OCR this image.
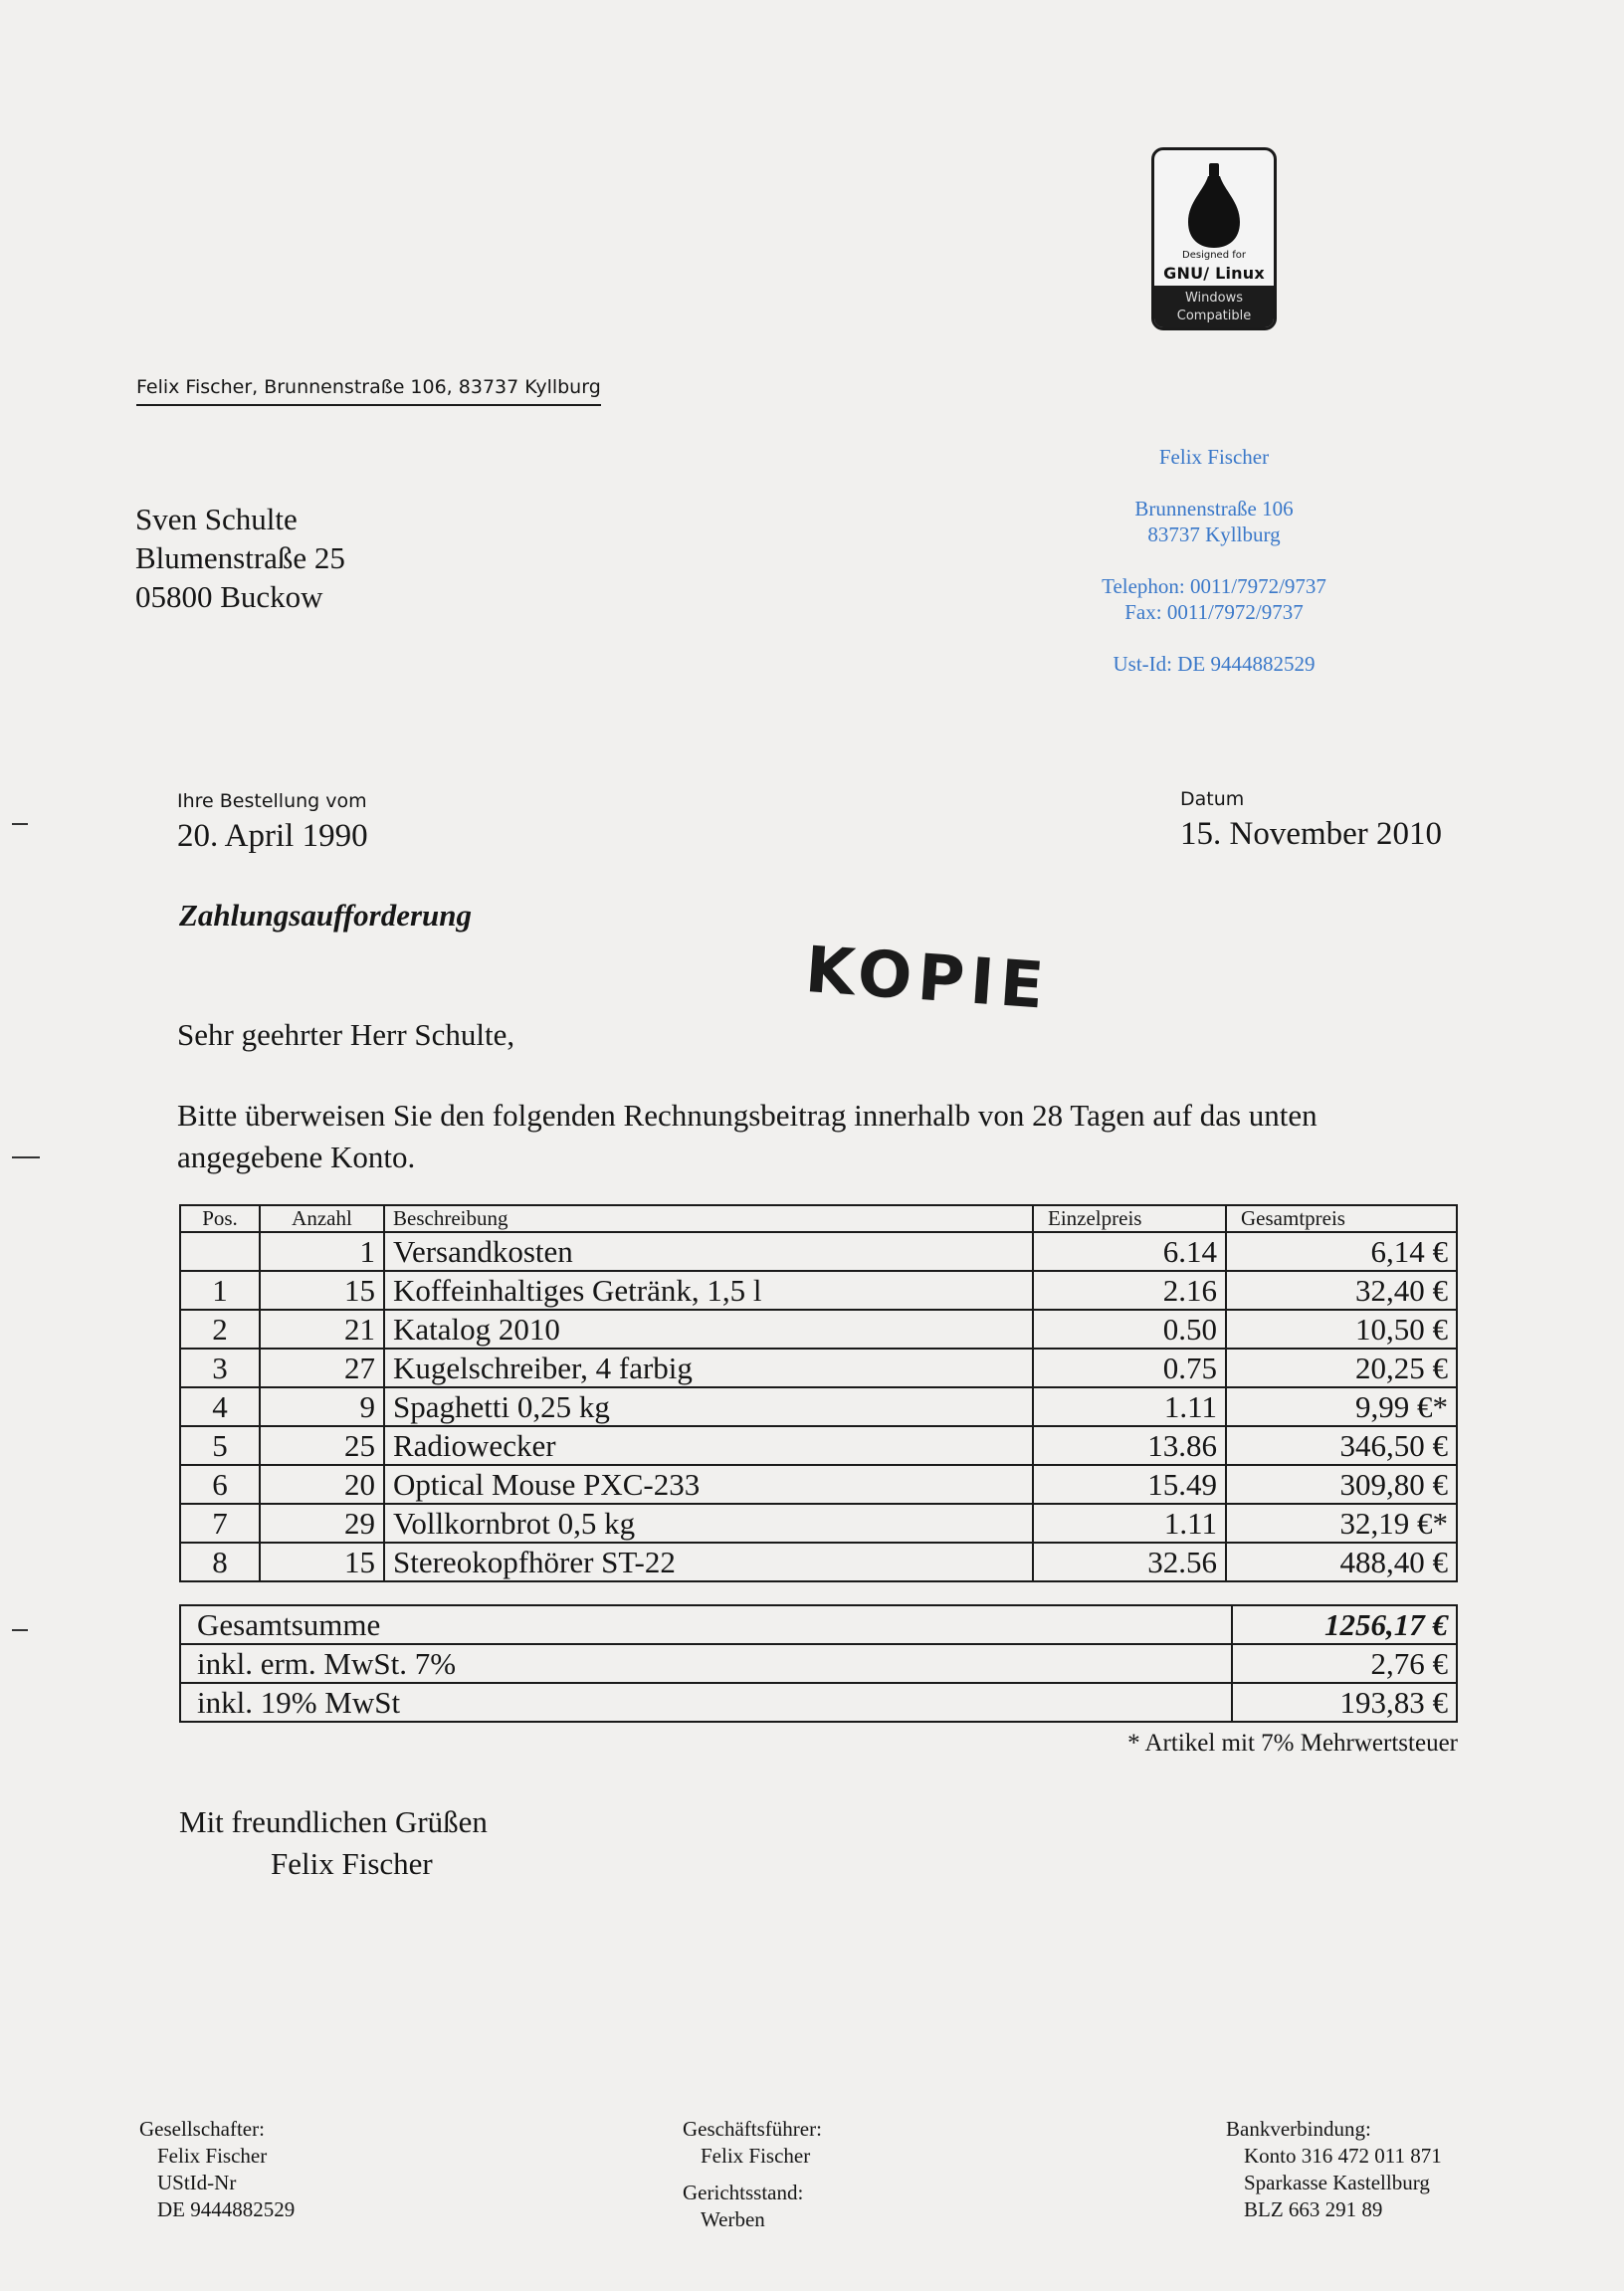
Designed for
GNU/ Linux
Windows
Compatible
Felix Fischer, Brunnenstraße 106, 83737 Kyllburg
Sven Schulte
Blumenstraße 25
05800 Buckow
Felix Fischer
Brunnenstraße 106
83737 Kyllburg
Telephon: 0011/7972/9737
Fax: 0011/7972/9737
Ust-Id: DE 9444882529
Ihre Bestellung vom
20. April 1990
Datum
15. November 2010
Zahlungsaufforderung
KOPIE
Sehr geehrter Herr Schulte,
Bitte überweisen Sie den folgenden Rechnungsbeitrag innerhalb von 28 Tagen auf das unten angegebene Konto.
Pos.	Anzahl	Beschreibung	Einzelpreis	Gesamtpreis
	1	Versandkosten	6.14	6,14 €
1	15	Koffeinhaltiges Getränk, 1,5 l	2.16	32,40 €
2	21	Katalog 2010	0.50	10,50 €
3	27	Kugelschreiber, 4 farbig	0.75	20,25 €
4	9	Spaghetti 0,25 kg	1.11	9,99 €*
5	25	Radiowecker	13.86	346,50 €
6	20	Optical Mouse PXC-233	15.49	309,80 €
7	29	Vollkornbrot 0,5 kg	1.11	32,19 €*
8	15	Stereokopfhörer ST-22	32.56	488,40 €
Gesamtsumme	1256,17 €
inkl. erm. MwSt. 7%	2,76 €
inkl. 19% MwSt	193,83 €
* Artikel mit 7% Mehrwertsteuer
Mit freundlichen Grüßen
Felix Fischer
Gesellschafter:
Felix Fischer
UStId-Nr
DE 9444882529
Geschäftsführer:
Felix Fischer
Gerichtsstand:
Werben
Bankverbindung:
Konto 316 472 011 871
Sparkasse Kastellburg
BLZ 663 291 89
